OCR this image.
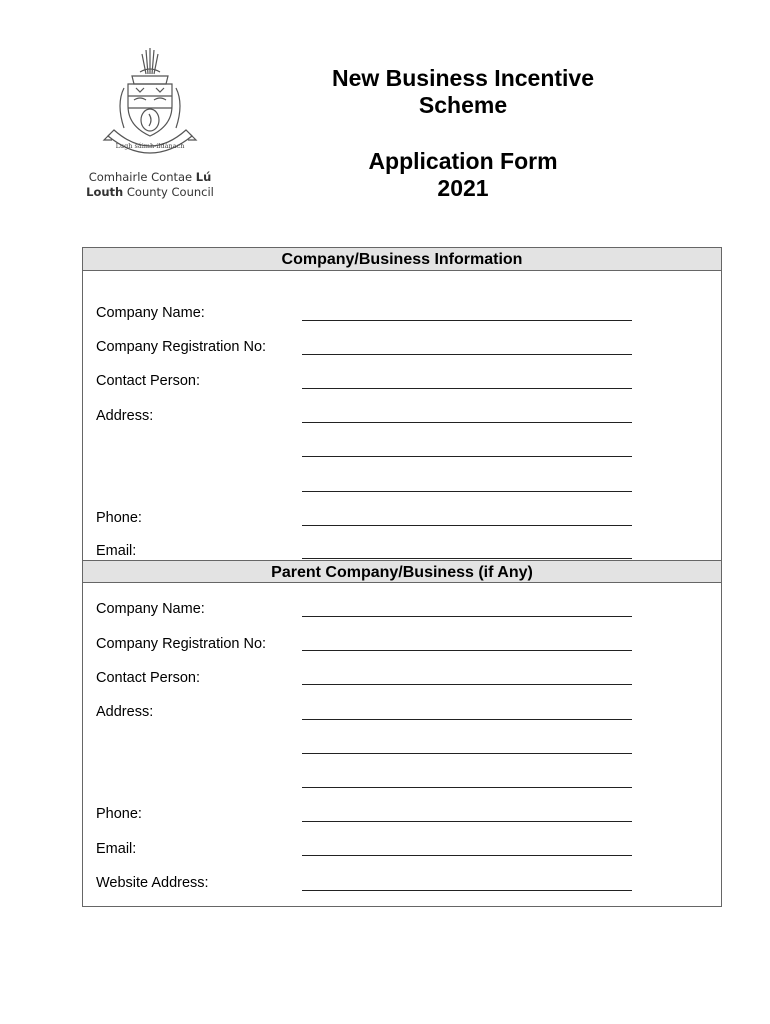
Lugh sáimh-ildánach
Comhairle Contae Lú
Louth County Council
New Business Incentive
Scheme
Application Form
2021
Company/Business Information
Company Name:
Company Registration No:
Contact Person:
Address:
Phone:
Email:
Parent Company/Business (if Any)
Company Name:
Company Registration No:
Contact Person:
Address:
Phone:
Email:
Website Address:
